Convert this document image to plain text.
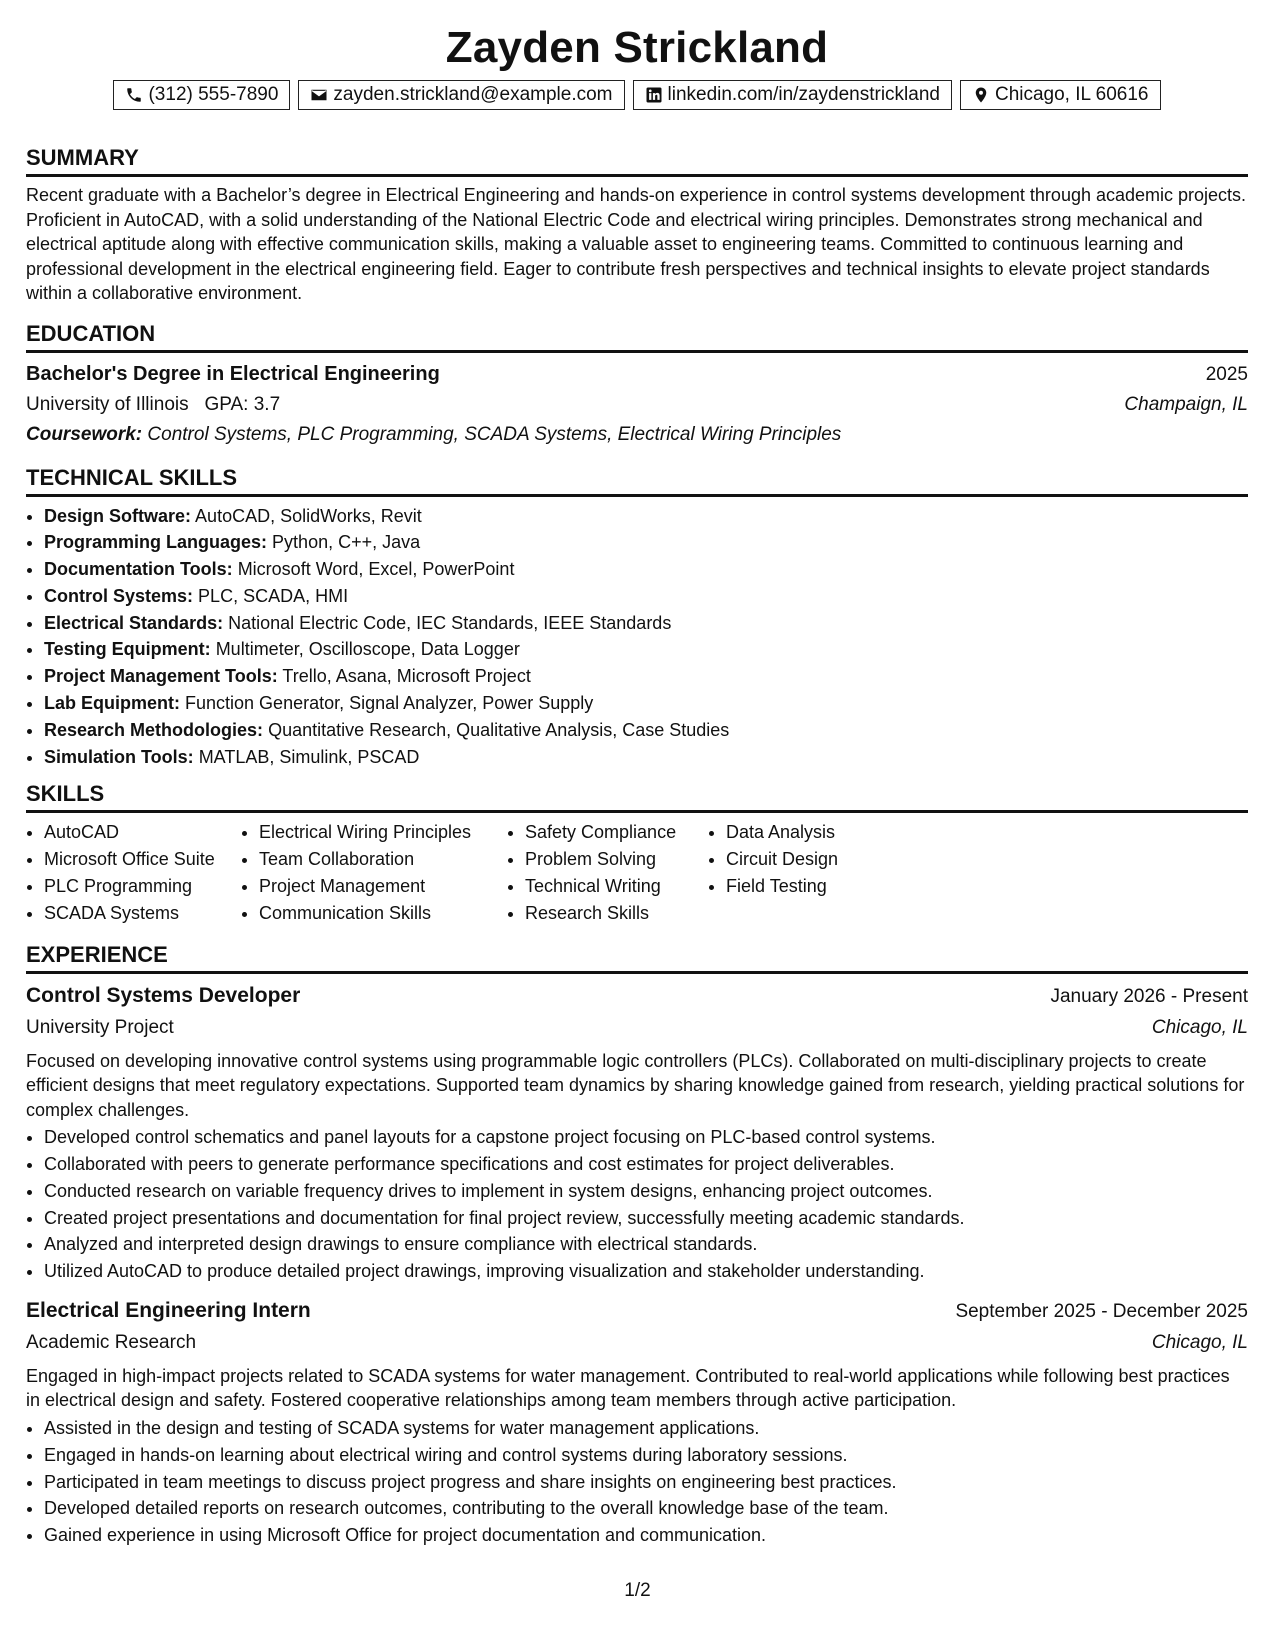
Zayden Strickland
(312) 555-7890	zayden.strickland@example.com	linkedin.com/in/zaydenstrickland	Chicago, IL 60616
SUMMARY

Recent graduate with a Bachelor’s degree in Electrical Engineering and hands-on experience in control systems development through academic projects. Proficient in AutoCAD, with a solid understanding of the National Electric Code and electrical wiring principles. Demonstrates strong mechanical and electrical aptitude along with effective communication skills, making a valuable asset to engineering teams. Committed to continuous learning and professional development in the electrical engineering field. Eager to contribute fresh perspectives and technical insights to elevate project standards within a collaborative environment.

EDUCATION
Bachelor's Degree in Electrical Engineering	2025
University of Illinois GPA: 3.7	Champaign, IL
Coursework: Control Systems, PLC Programming, SCADA Systems, Electrical Wiring Principles
TECHNICAL SKILLS
• Design Software: AutoCAD, SolidWorks, Revit
• Programming Languages: Python, C++, Java
• Documentation Tools: Microsoft Word, Excel, PowerPoint
• Control Systems: PLC, SCADA, HMI
• Electrical Standards: National Electric Code, IEC Standards, IEEE Standards
• Testing Equipment: Multimeter, Oscilloscope, Data Logger
• Project Management Tools: Trello, Asana, Microsoft Project
• Lab Equipment: Function Generator, Signal Analyzer, Power Supply
• Research Methodologies: Quantitative Research, Qualitative Analysis, Case Studies
• Simulation Tools: MATLAB, Simulink, PSCAD
SKILLS
• AutoCAD
• Microsoft Office Suite
• PLC Programming
• SCADA Systems
• Electrical Wiring Principles
• Team Collaboration
• Project Management
• Communication Skills
• Safety Compliance
• Problem Solving
• Technical Writing
• Research Skills
• Data Analysis
• Circuit Design
• Field Testing
EXPERIENCE
Control Systems Developer	January 2026 - Present
University Project	Chicago, IL

Focused on developing innovative control systems using programmable logic controllers (PLCs). Collaborated on multi-disciplinary projects to create efficient designs that meet regulatory expectations. Supported team dynamics by sharing knowledge gained from research, yielding practical solutions for complex challenges.

• Developed control schematics and panel layouts for a capstone project focusing on PLC-based control systems.
• Collaborated with peers to generate performance specifications and cost estimates for project deliverables.
• Conducted research on variable frequency drives to implement in system designs, enhancing project outcomes.
• Created project presentations and documentation for final project review, successfully meeting academic standards.
• Analyzed and interpreted design drawings to ensure compliance with electrical standards.
• Utilized AutoCAD to produce detailed project drawings, improving visualization and stakeholder understanding.
Electrical Engineering Intern	September 2025 - December 2025
Academic Research	Chicago, IL

Engaged in high-impact projects related to SCADA systems for water management. Contributed to real-world applications while following best practices in electrical design and safety. Fostered cooperative relationships among team members through active participation.

• Assisted in the design and testing of SCADA systems for water management applications.
• Engaged in hands-on learning about electrical wiring and control systems during laboratory sessions.
• Participated in team meetings to discuss project progress and share insights on engineering best practices.
• Developed detailed reports on research outcomes, contributing to the overall knowledge base of the team.
• Gained experience in using Microsoft Office for project documentation and communication.
1/2
